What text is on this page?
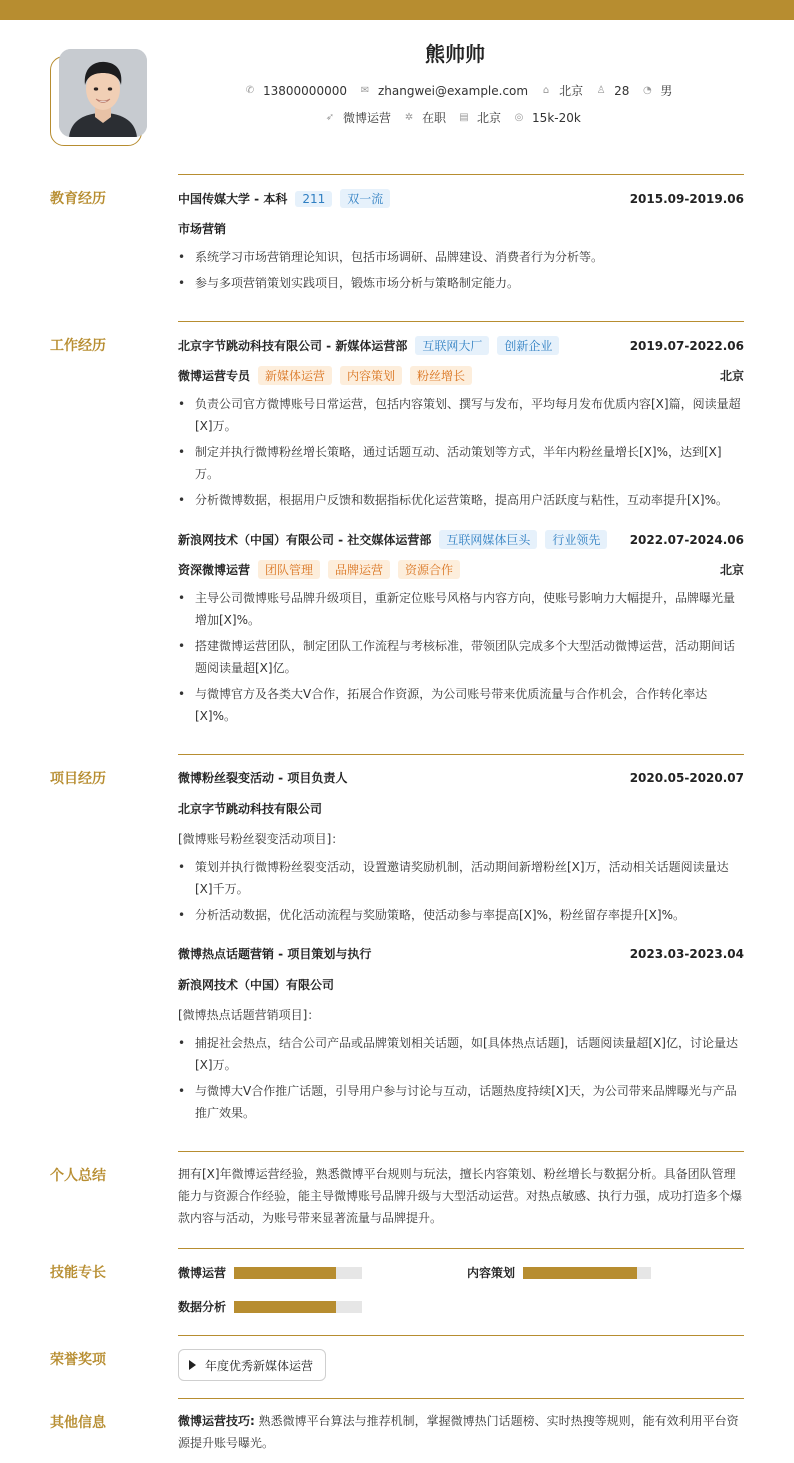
熊帅帅
✆ 13800000000 ✉ zhangwei@example.com ⌂ 北京 ♙ 28 ◔ 男
➶ 微博运营 ✲ 在职 ▤ 北京 ◎ 15k-20k
教育经历	中国传媒大学 - 本科	211	双一流	2015.09-2019.06
市场营销
• 系统学习市场营销理论知识，包括市场调研、品牌建设、消费者行为分析等。
• 参与多项营销策划实践项目，锻炼市场分析与策略制定能力。
工作经历	北京字节跳动科技有限公司 - 新媒体运营部	互联网大厂	创新企业	2019.07-2022.06
微博运营专员	新媒体运营	内容策划	粉丝增长	北京
• 负责公司官方微博账号日常运营，包括内容策划、撰写与发布，平均每月发布优质内容[X]篇，阅读量超[X]万。
• 制定并执行微博粉丝增长策略，通过话题互动、活动策划等方式，半年内粉丝量增长[X]%，达到[X]万。
• 分析微博数据，根据用户反馈和数据指标优化运营策略，提高用户活跃度与粘性，互动率提升[X]%。
新浪网技术（中国）有限公司 - 社交媒体运营部	互联网媒体巨头	行业领先	2022.07-2024.06
资深微博运营	团队管理	品牌运营	资源合作	北京
• 主导公司微博账号品牌升级项目，重新定位账号风格与内容方向，使账号影响力大幅提升，品牌曝光量增加[X]%。
• 搭建微博运营团队，制定团队工作流程与考核标准，带领团队完成多个大型活动微博运营，活动期间话题阅读量超[X]亿。
• 与微博官方及各类大V合作，拓展合作资源，为公司账号带来优质流量与合作机会，合作转化率达[X]%。
项目经历	微博粉丝裂变活动 - 项目负责人	2020.05-2020.07
北京字节跳动科技有限公司
[微博账号粉丝裂变活动项目]：
• 策划并执行微博粉丝裂变活动，设置邀请奖励机制，活动期间新增粉丝[X]万，活动相关话题阅读量达[X]千万。
• 分析活动数据，优化活动流程与奖励策略，使活动参与率提高[X]%，粉丝留存率提升[X]%。
微博热点话题营销 - 项目策划与执行	2023.03-2023.04
新浪网技术（中国）有限公司
[微博热点话题营销项目]：
• 捕捉社会热点，结合公司产品或品牌策划相关话题，如[具体热点话题]，话题阅读量超[X]亿，讨论量达[X]万。
• 与微博大V合作推广话题，引导用户参与讨论与互动，话题热度持续[X]天，为公司带来品牌曝光与产品推广效果。
个人总结	拥有[X]年微博运营经验，熟悉微博平台规则与玩法，擅长内容策划、粉丝增长与数据分析。具备团队管理能力与资源合作经验，能主导微博账号品牌升级与大型活动运营。对热点敏感、执行力强，成功打造多个爆款内容与活动，为账号带来显著流量与品牌提升。
技能专长	微博运营	内容策划
数据分析
荣誉奖项	年度优秀新媒体运营
其他信息	微博运营技巧: 熟悉微博平台算法与推荐机制，掌握微博热门话题榜、实时热搜等规则，能有效利用平台资源提升账号曝光。
